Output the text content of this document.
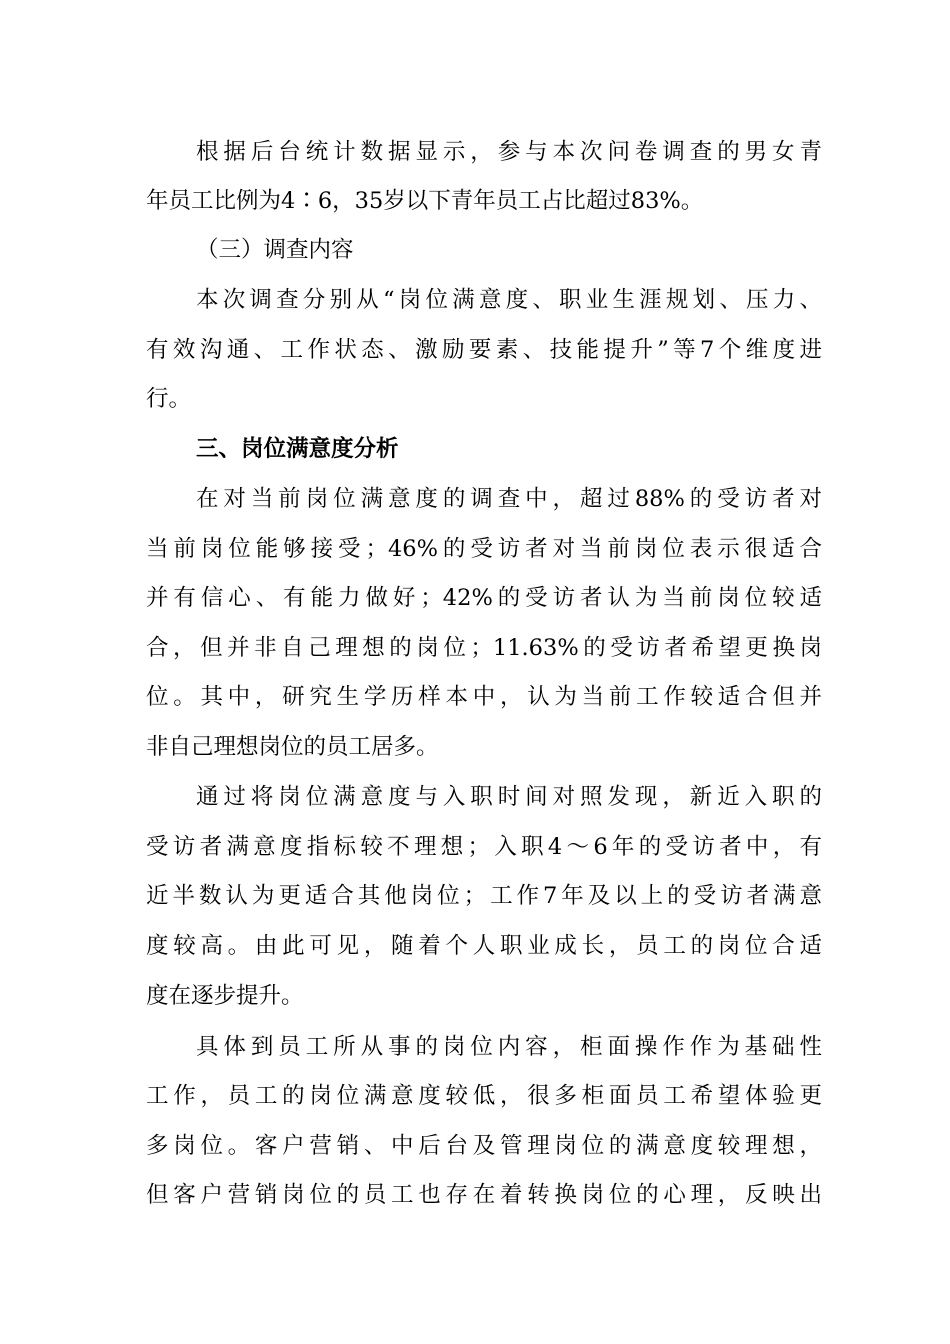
根据后台统计数据显示，参与本次问卷调查的男女青
年员工比例为4∶6，35岁以下青年员工占比超过83%。
（三）调查内容
本次调查分别从“岗位满意度、职业生涯规划、压力、
有效沟通、工作状态、激励要素、技能提升”等7个维度进
行。
三、岗位满意度分析
在对当前岗位满意度的调查中，超过88%的受访者对
当前岗位能够接受；46%的受访者对当前岗位表示很适合
并有信心、有能力做好；42%的受访者认为当前岗位较适
合，但并非自己理想的岗位；11.63%的受访者希望更换岗
位。其中，研究生学历样本中，认为当前工作较适合但并
非自己理想岗位的员工居多。
通过将岗位满意度与入职时间对照发现，新近入职的
受访者满意度指标较不理想；入职4～6年的受访者中，有
近半数认为更适合其他岗位；工作7年及以上的受访者满意
度较高。由此可见，随着个人职业成长，员工的岗位合适
度在逐步提升。
具体到员工所从事的岗位内容，柜面操作作为基础性
工作，员工的岗位满意度较低，很多柜面员工希望体验更
多岗位。客户营销、中后台及管理岗位的满意度较理想，
但客户营销岗位的员工也存在着转换岗位的心理，反映出
